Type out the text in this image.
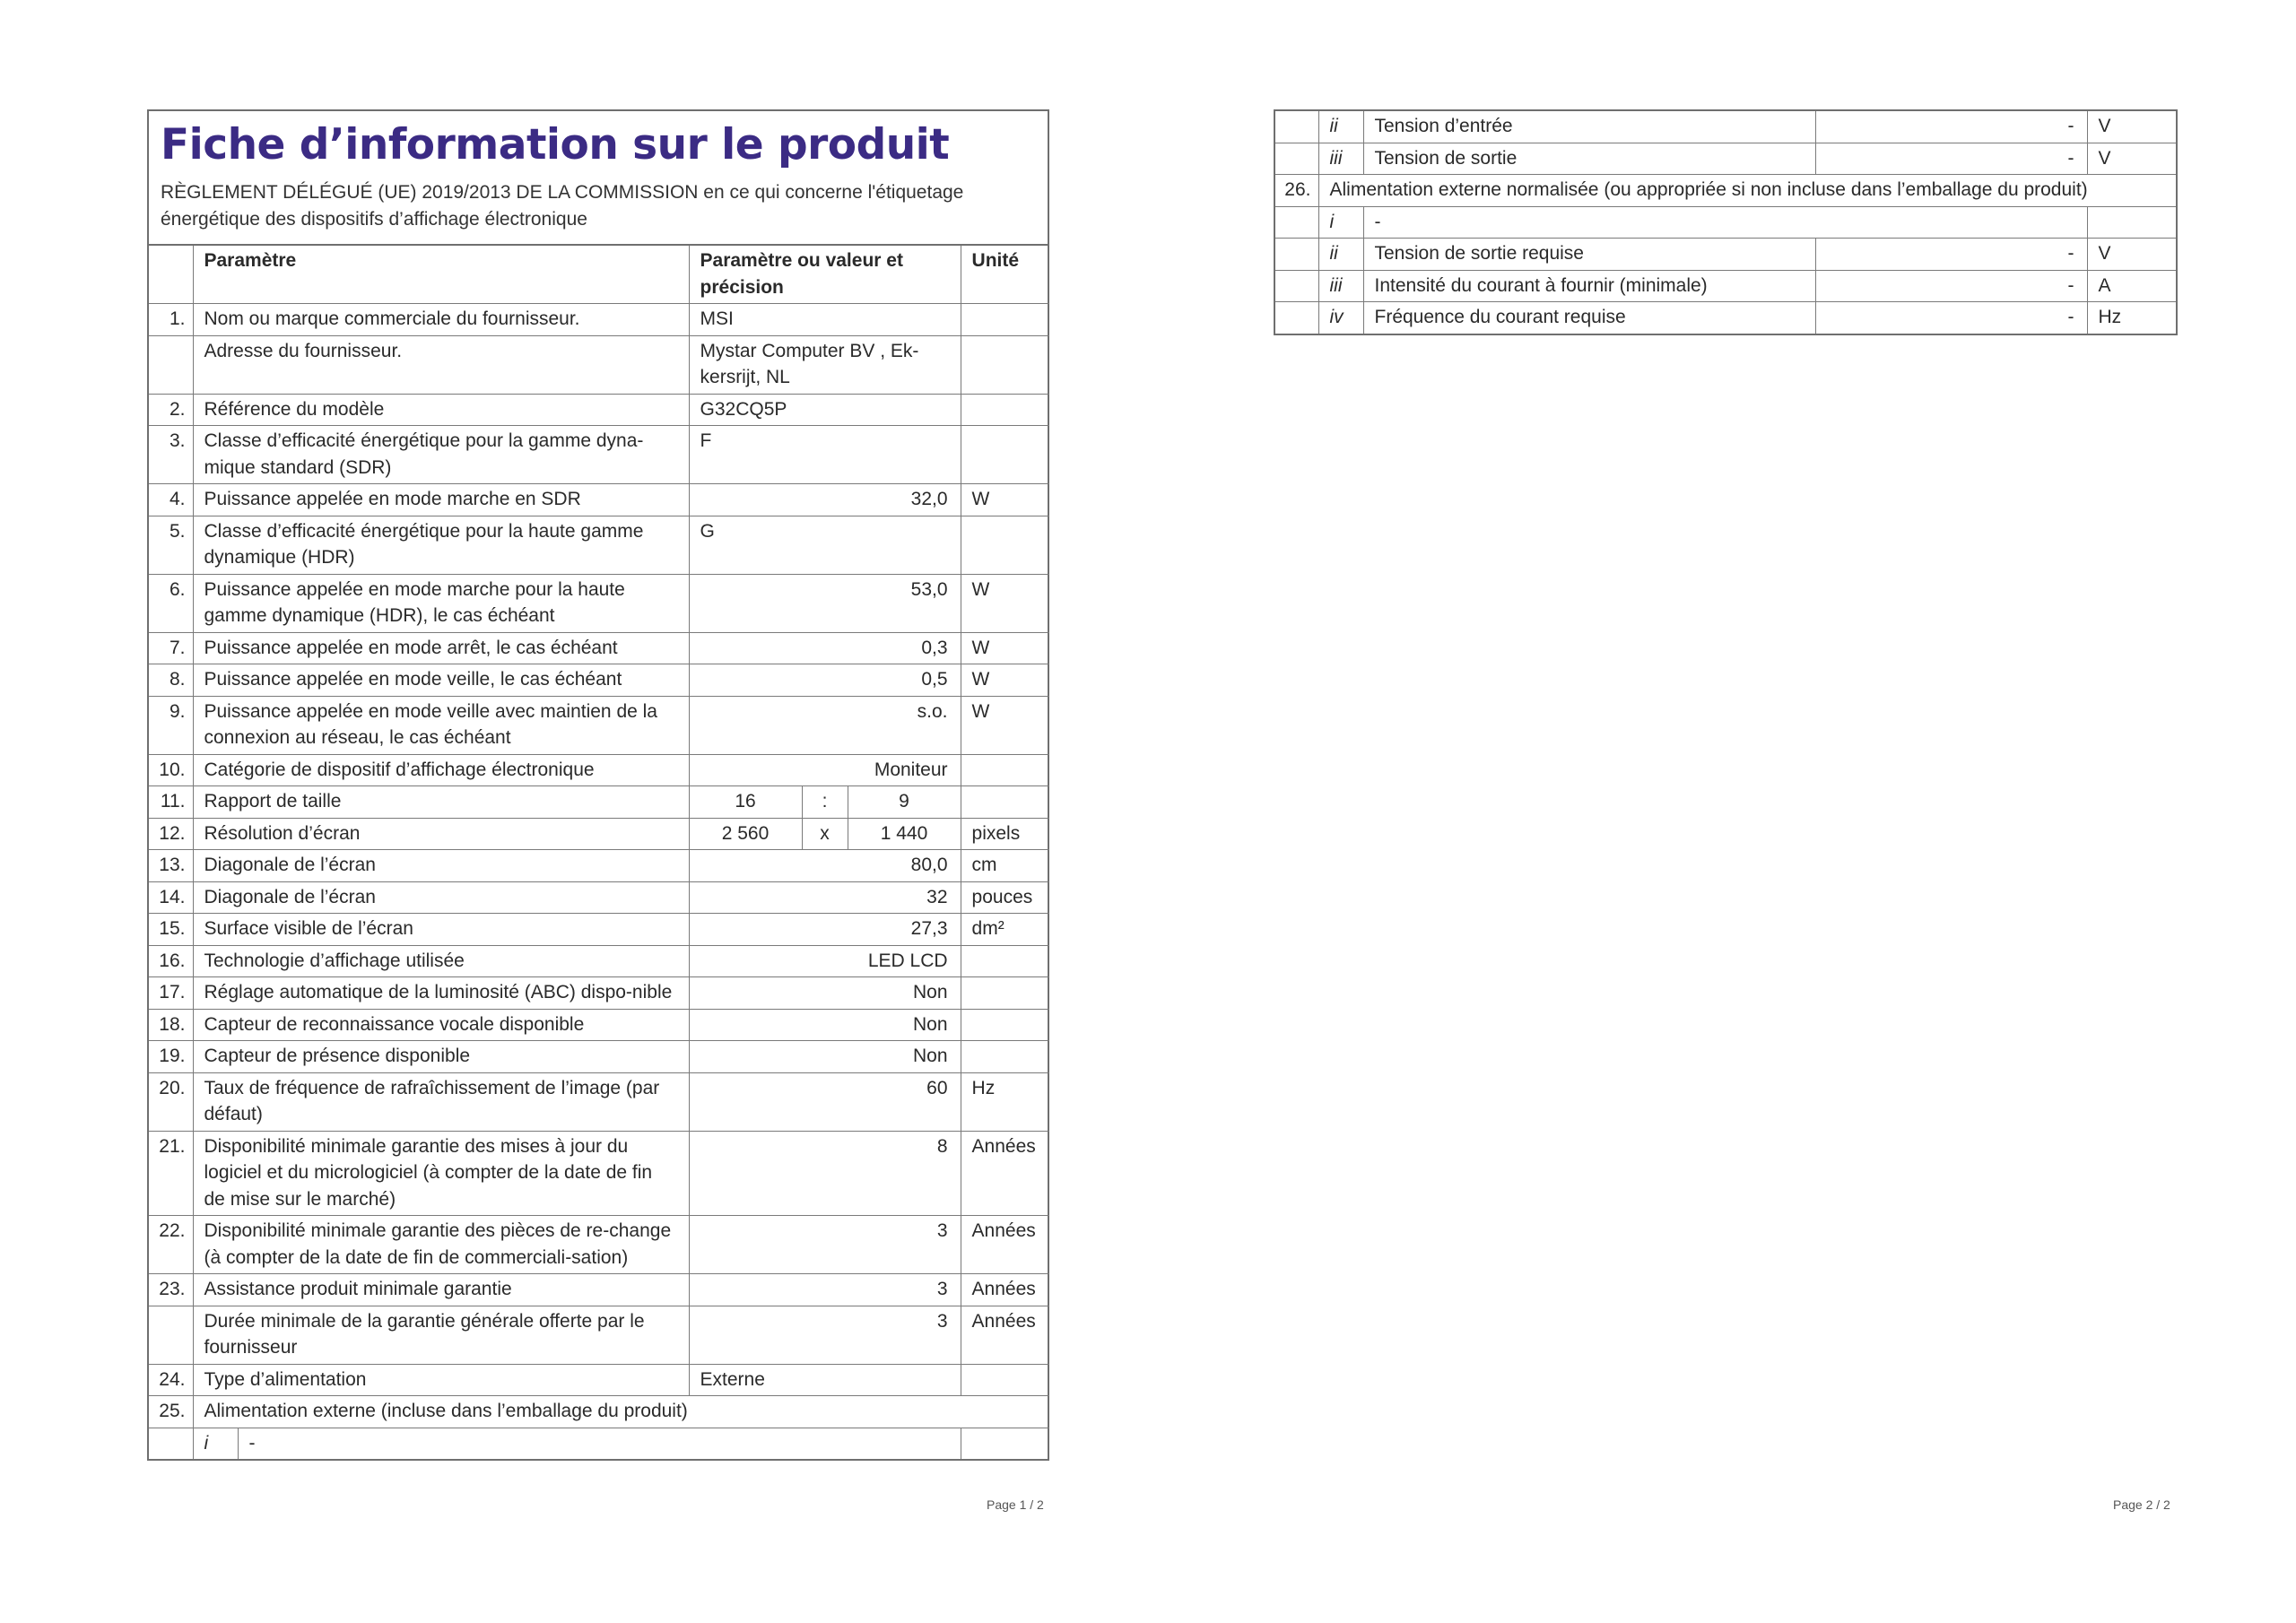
Fiche d’information sur le produit
RÈGLEMENT DÉLÉGUÉ (UE) 2019/2013 DE LA COMMISSION en ce qui concerne l'étiquetage énergétique des dispositifs d’affichage électronique
	Paramètre		Paramètre ou valeur et précision			Unité
1.	Nom ou marque commerciale du fournisseur.		MSI			
	Adresse du fournisseur.		Mystar Computer BV , Ek-kersrijt, NL			
2.	Référence du modèle		G32CQ5P			
3.	Classe d’efficacité énergétique pour la gamme dyna-mique standard (SDR)		F			
4.	Puissance appelée en mode marche en SDR		32,0			W
5.	Classe d’efficacité énergétique pour la haute gamme dynamique (HDR)		G			
6.	Puissance appelée en mode marche pour la haute gamme dynamique (HDR), le cas échéant		53,0			W
7.	Puissance appelée en mode arrêt, le cas échéant		0,3			W
8.	Puissance appelée en mode veille, le cas échéant		0,5			W
9.	Puissance appelée en mode veille avec maintien de la connexion au réseau, le cas échéant		s.o.			W
10.	Catégorie de dispositif d’affichage électronique		Moniteur			
11.	Rapport de taille		16	:	9	
12.	Résolution d’écran		2 560	x	1 440	pixels
13.	Diagonale de l’écran		80,0			cm
14.	Diagonale de l’écran		32			pouces
15.	Surface visible de l’écran		27,3			dm²
16.	Technologie d’affichage utilisée		LED LCD			
17.	Réglage automatique de la luminosité (ABC) dispo-nible		Non			
18.	Capteur de reconnaissance vocale disponible		Non			
19.	Capteur de présence disponible		Non			
20.	Taux de fréquence de rafraîchissement de l’image (par défaut)		60			Hz
21.	Disponibilité minimale garantie des mises à jour du logiciel et du micrologiciel (à compter de la date de fin de mise sur le marché)		8			Années
22.	Disponibilité minimale garantie des pièces de re-change (à compter de la date de fin de commerciali-sation)		3			Années
23.	Assistance produit minimale garantie		3			Années
	Durée minimale de la garantie générale offerte par le fournisseur		3			Années
24.	Type d’alimentation		Externe			
25.	Alimentation externe (incluse dans l’emballage du produit)					
	i	-				
Page 1 / 2
	ii	Tension d’entrée	-	V
	iii	Tension de sortie	-	V
26.	Alimentation externe normalisée (ou appropriée si non incluse dans l’emballage du produit)			
	i	-		
	ii	Tension de sortie requise	-	V
	iii	Intensité du courant à fournir (minimale)	-	A
	iv	Fréquence du courant requise	-	Hz
Page 2 / 2
